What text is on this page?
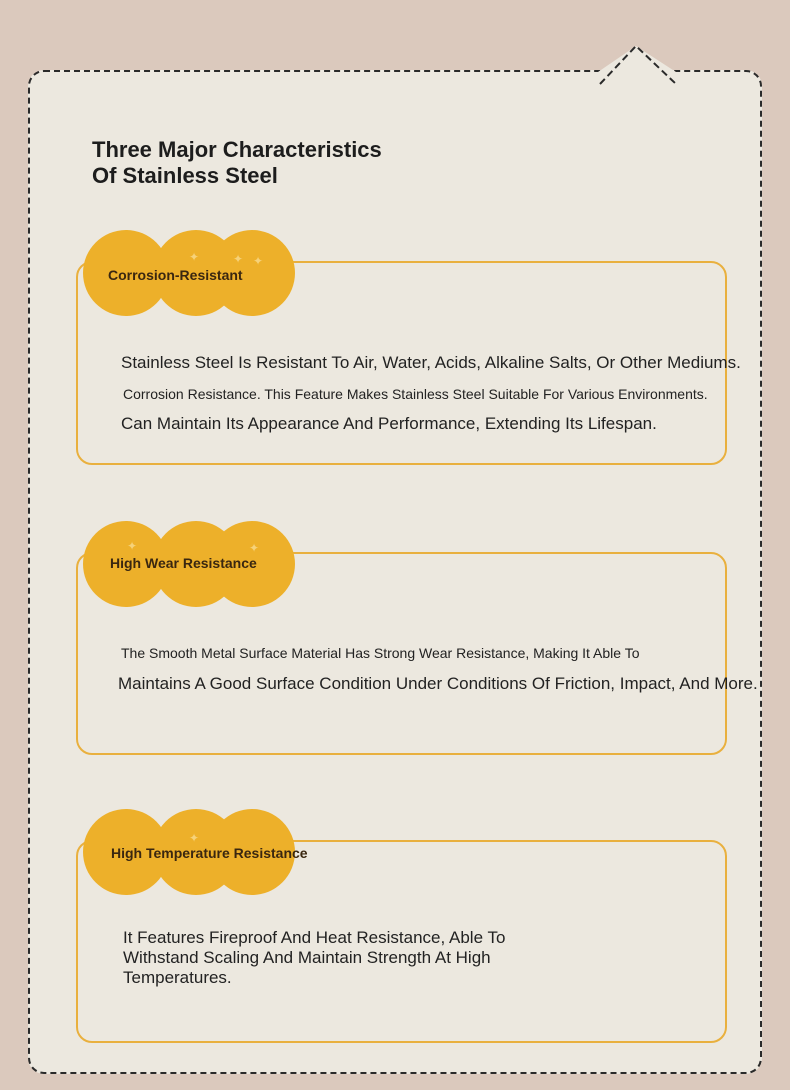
Three Major Characteristics
Of Stainless Steel
✦	✦ ✦
Corrosion-Resistant
Stainless Steel Is Resistant To Air, Water, Acids, Alkaline Salts, Or Other Mediums.
Corrosion Resistance. This Feature Makes Stainless Steel Suitable For Various Environments.
Can Maintain Its Appearance And Performance, Extending Its Lifespan.
✦	✦
High Wear Resistance
The Smooth Metal Surface Material Has Strong Wear Resistance, Making It Able To
Maintains A Good Surface Condition Under Conditions Of Friction, Impact, And More.
✦
High Temperature Resistance
It Features Fireproof And Heat Resistance, Able To
Withstand Scaling And Maintain Strength At High
Temperatures.
